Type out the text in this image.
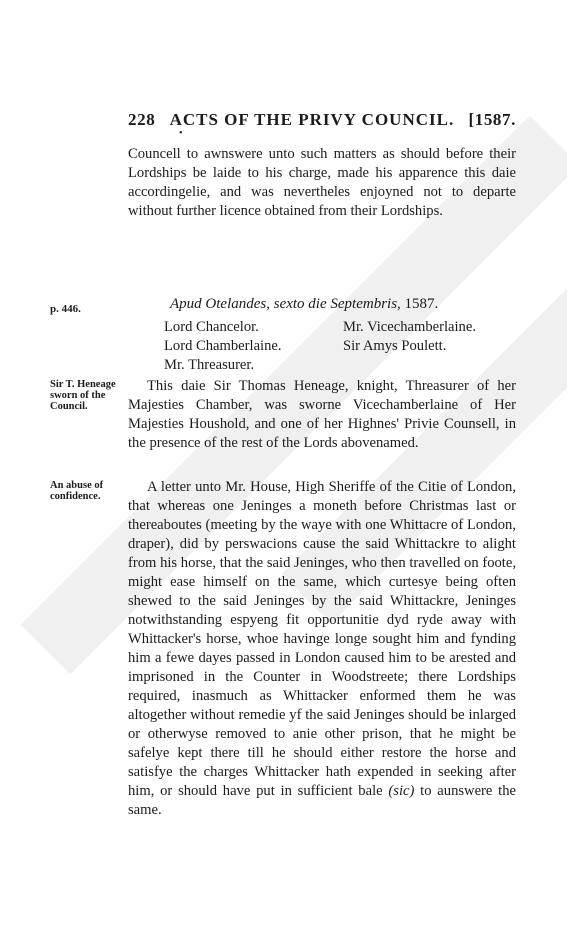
228 ACTS OF THE PRIVY COUNCIL. [1587.
•
Councell to awnswere unto such matters as should before their Lordships be laide to his charge, made his apparence this daie accordingelie, and was nevertheles enjoyned not to departe without further licence obtained from their Lordships.
p. 446.	Apud Otelandes, sexto die Septembris, 1587.
Lord Chancelor.	Mr. Vicechamberlaine.
Lord Chamberlaine.	Sir Amys Poulett.
Mr. Threasurer.
Sir T. Heneage sworn of the Council.
This daie Sir Thomas Heneage, knight, Threasurer of her Majesties Chamber, was sworne Vicechamberlaine of Her Majesties Houshold, and one of her Highnes' Privie Counsell, in the presence of the rest of the Lords abovenamed.
An abuse of confidence.
A letter unto Mr. House, High Sheriffe of the Citie of London, that whereas one Jeninges a moneth before Christmas last or thereaboutes (meeting by the waye with one Whittacre of London, draper), did by perswacions cause the said Whittackre to alight from his horse, that the said Jeninges, who then travelled on foote, might ease himself on the same, which curtesye being often shewed to the said Jeninges by the said Whittackre, Jeninges notwithstanding espyeng fit opportunitie dyd ryde away with Whittacker's horse, whoe havinge longe sought him and fynding him a fewe dayes passed in London caused him to be arested and imprisoned in the Counter in Woodstreete; there Lordships required, inasmuch as Whittacker enformed them he was altogether without remedie yf the said Jeninges should be inlarged or otherwyse removed to anie other prison, that he might be safelye kept there till he should either restore the horse and satisfye the charges Whittacker hath expended in seeking after him, or should have put in sufficient bale (sic) to aunswere the same.
